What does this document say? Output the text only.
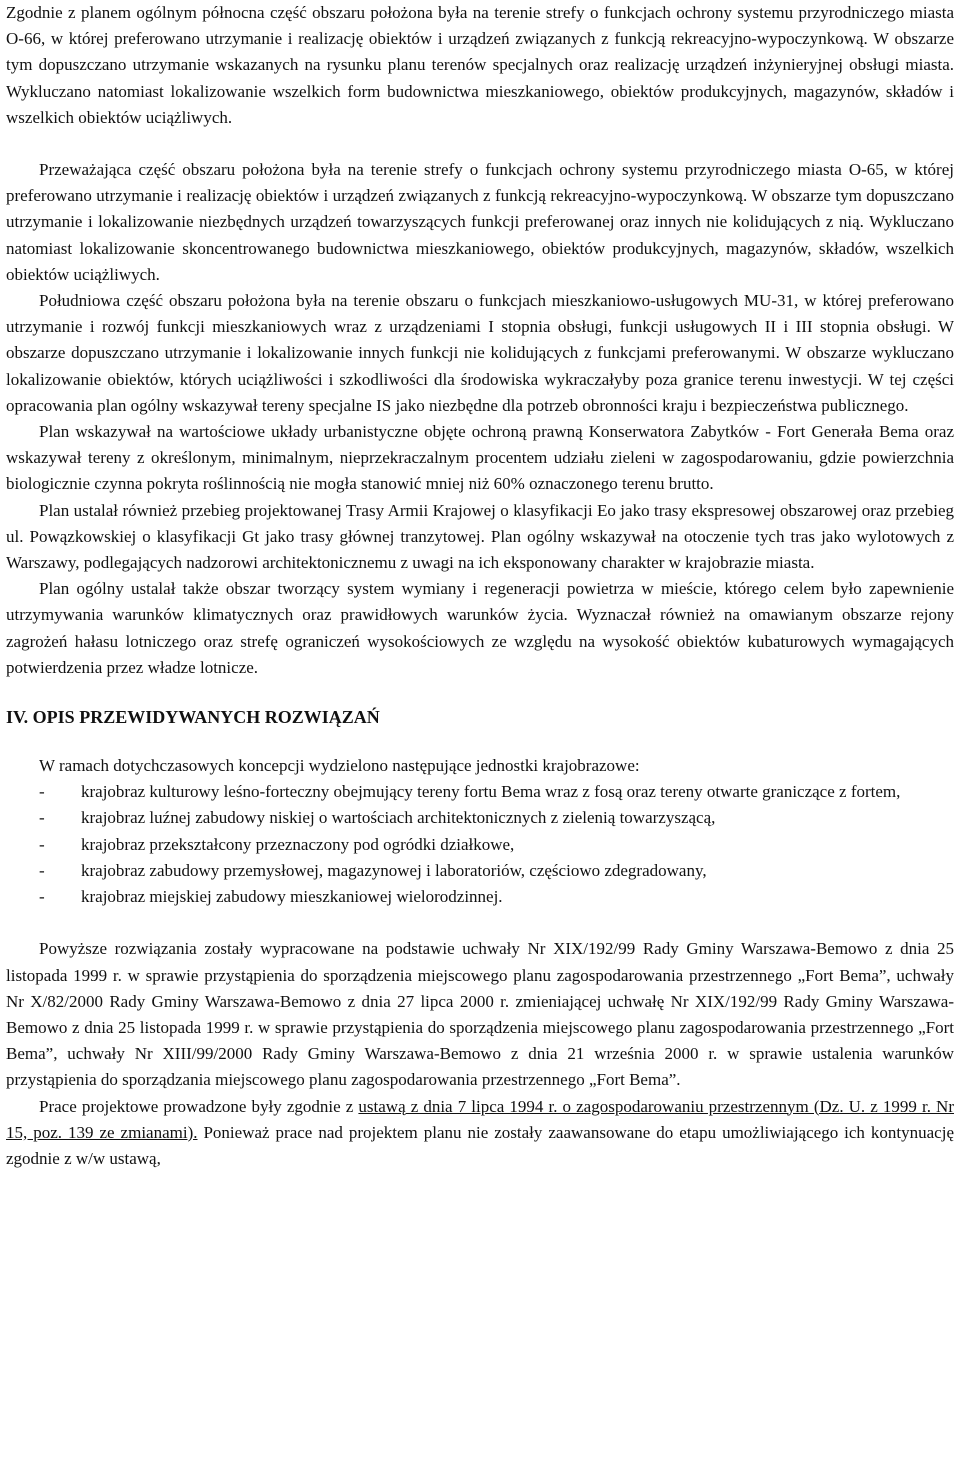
Zgodnie z planem ogólnym północna część obszaru położona była na terenie strefy o funkcjach ochrony systemu przyrodniczego miasta O-66, w której preferowano utrzymanie i realizację obiektów i urządzeń związanych z funkcją rekreacyjno-wypoczynkową. W obszarze tym dopuszczano utrzymanie wskazanych na rysunku planu terenów specjalnych oraz realizację urządzeń inżynieryjnej obsługi miasta. Wykluczano natomiast lokalizowanie wszelkich form budownictwa mieszkaniowego, obiektów produkcyjnych, magazynów, składów i wszelkich obiektów uciążliwych.

Przeważająca część obszaru położona była na terenie strefy o funkcjach ochrony systemu przyrodniczego miasta O-65, w której preferowano utrzymanie i realizację obiektów i urządzeń związanych z funkcją rekreacyjno-wypoczynkową. W obszarze tym dopuszczano utrzymanie i lokalizowanie niezbędnych urządzeń towarzyszących funkcji preferowanej oraz innych nie kolidujących z nią. Wykluczano natomiast lokalizowanie skoncentrowanego budownictwa mieszkaniowego, obiektów produkcyjnych, magazynów, składów, wszelkich obiektów uciążliwych.

Południowa część obszaru położona była na terenie obszaru o funkcjach mieszkaniowo-usługowych MU-31, w której preferowano utrzymanie i rozwój funkcji mieszkaniowych wraz z urządzeniami I stopnia obsługi, funkcji usługowych II i III stopnia obsługi. W obszarze dopuszczano utrzymanie i lokalizowanie innych funkcji nie kolidujących z funkcjami preferowanymi. W obszarze wykluczano lokalizowanie obiektów, których uciążliwości i szkodliwości dla środowiska wykraczałyby poza granice terenu inwestycji. W tej części opracowania plan ogólny wskazywał tereny specjalne IS jako niezbędne dla potrzeb obronności kraju i bezpieczeństwa publicznego.

Plan wskazywał na wartościowe układy urbanistyczne objęte ochroną prawną Konserwatora Zabytków - Fort Generała Bema oraz wskazywał tereny z określonym, minimalnym, nieprzekraczalnym procentem udziału zieleni w zagospodarowaniu, gdzie powierzchnia biologicznie czynna pokryta roślinnością nie mogła stanowić mniej niż 60% oznaczonego terenu brutto.

Plan ustalał również przebieg projektowanej Trasy Armii Krajowej o klasyfikacji Eo jako trasy ekspresowej obszarowej oraz przebieg ul. Powązkowskiej o klasyfikacji Gt jako trasy głównej tranzytowej. Plan ogólny wskazywał na otoczenie tych tras jako wylotowych z Warszawy, podlegających nadzorowi architektonicznemu z uwagi na ich eksponowany charakter w krajobrazie miasta.

Plan ogólny ustalał także obszar tworzący system wymiany i regeneracji powietrza w mieście, którego celem było zapewnienie utrzymywania warunków klimatycznych oraz prawidłowych warunków życia. Wyznaczał również na omawianym obszarze rejony zagrożeń hałasu lotniczego oraz strefę ograniczeń wysokościowych ze względu na wysokość obiektów kubaturowych wymagających potwierdzenia przez władze lotnicze.

IV. OPIS PRZEWIDYWANYCH ROZWIĄZAŃ

W ramach dotychczasowych koncepcji wydzielono następujące jednostki krajobrazowe:

- krajobraz kulturowy leśno-forteczny obejmujący tereny fortu Bema wraz z fosą oraz tereny otwarte graniczące z fortem,
- krajobraz luźnej zabudowy niskiej o wartościach architektonicznych z zielenią towarzyszącą,
- krajobraz przekształcony przeznaczony pod ogródki działkowe,
- krajobraz zabudowy przemysłowej, magazynowej i laboratoriów, częściowo zdegradowany,
- krajobraz miejskiej zabudowy mieszkaniowej wielorodzinnej.

Powyższe rozwiązania zostały wypracowane na podstawie uchwały Nr XIX/192/99 Rady Gminy Warszawa-Bemowo z dnia 25 listopada 1999 r. w sprawie przystąpienia do sporządzenia miejscowego planu zagospodarowania przestrzennego „Fort Bema”, uchwały Nr X/82/2000 Rady Gminy Warszawa-Bemowo z dnia 27 lipca 2000 r. zmieniającej uchwałę Nr XIX/192/99 Rady Gminy Warszawa-Bemowo z dnia 25 listopada 1999 r. w sprawie przystąpienia do sporządzenia miejscowego planu zagospodarowania przestrzennego „Fort Bema”, uchwały Nr XIII/99/2000 Rady Gminy Warszawa-Bemowo z dnia 21 września 2000 r. w sprawie ustalenia warunków przystąpienia do sporządzania miejscowego planu zagospodarowania przestrzennego „Fort Bema”.

Prace projektowe prowadzone były zgodnie z ustawą z dnia 7 lipca 1994 r. o zagospodarowaniu przestrzennym (Dz. U. z 1999 r. Nr 15, poz. 139 ze zmianami). Ponieważ prace nad projektem planu nie zostały zaawansowane do etapu umożliwiającego ich kontynuację zgodnie z w/w ustawą,
